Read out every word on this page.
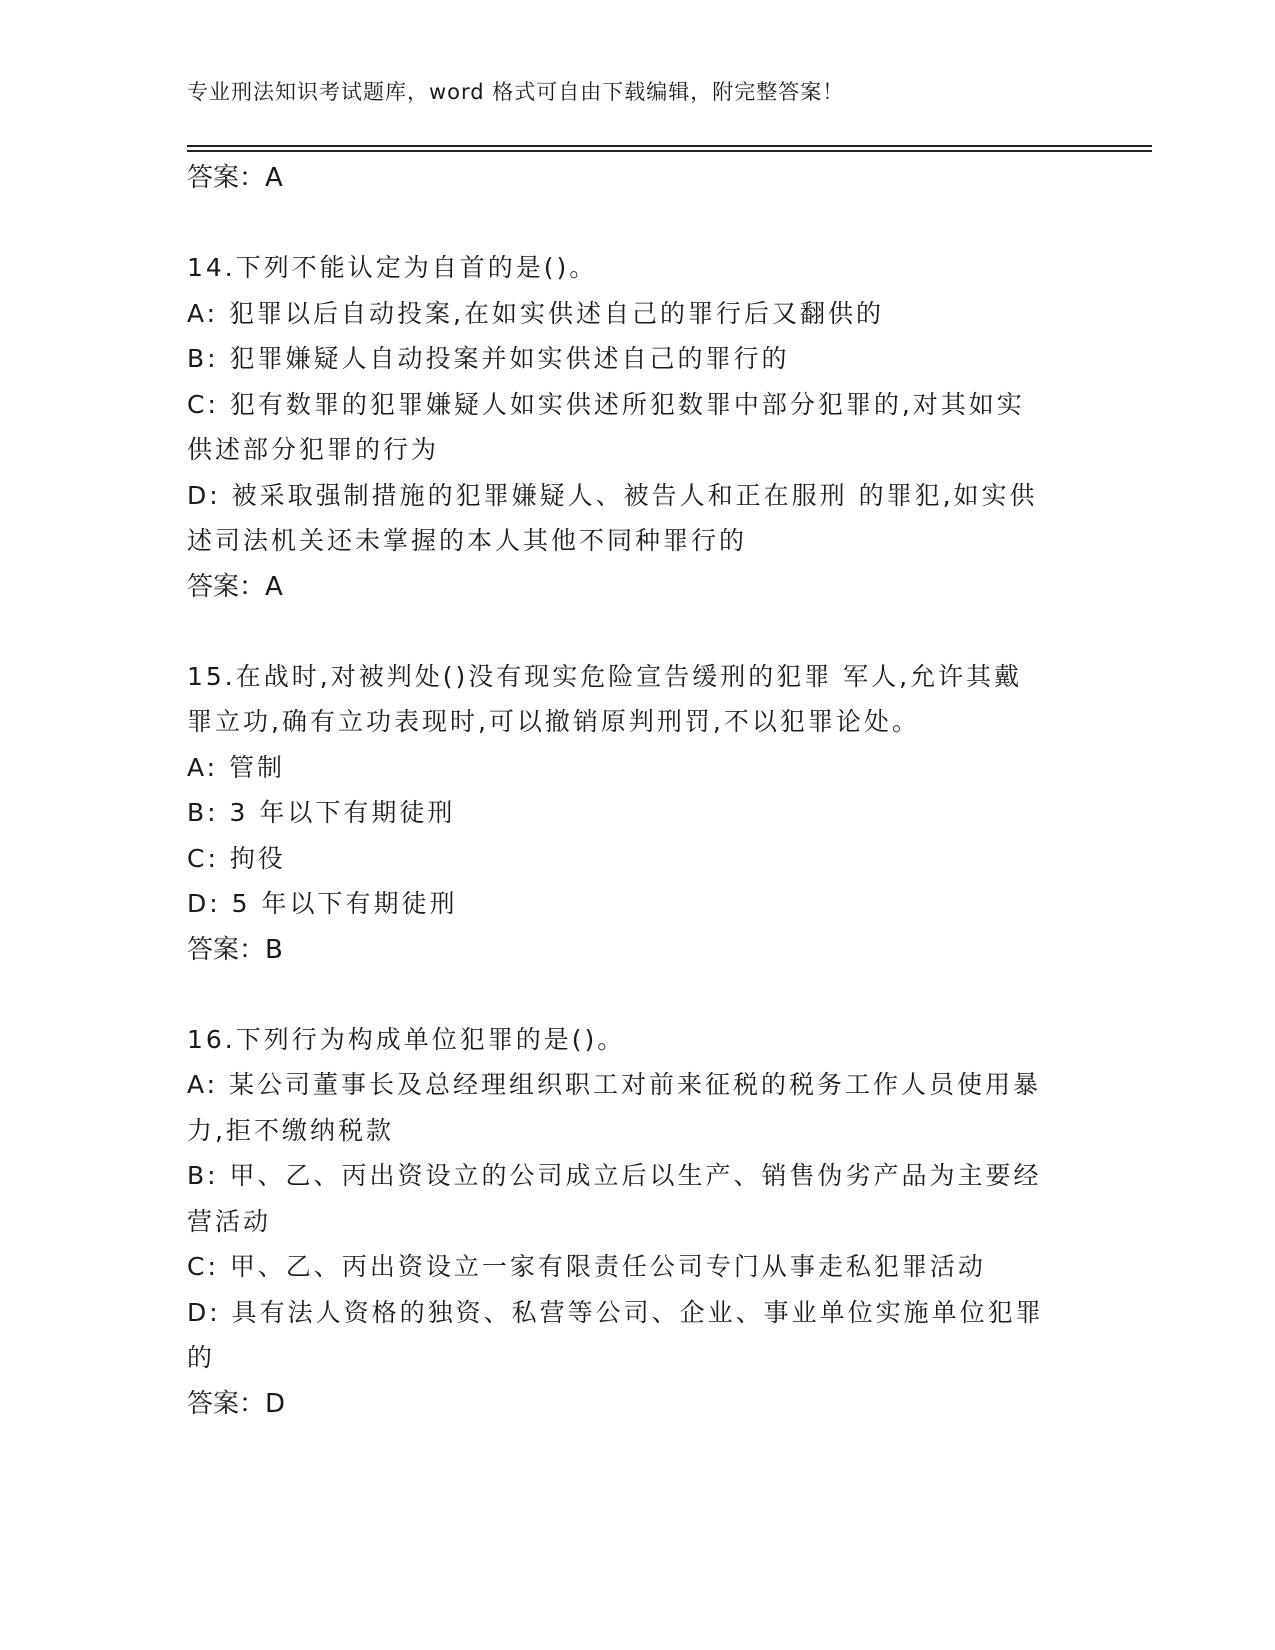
专业刑法知识考试题库，word 格式可自由下载编辑，附完整答案！
答案：A
14.下列不能认定为自首的是()。
A: 犯罪以后自动投案,在如实供述自己的罪行后又翻供的
B: 犯罪嫌疑人自动投案并如实供述自己的罪行的
C: 犯有数罪的犯罪嫌疑人如实供述所犯数罪中部分犯罪的,对其如实
供述部分犯罪的行为
D: 被采取强制措施的犯罪嫌疑人、被告人和正在服刑 的罪犯,如实供
述司法机关还未掌握的本人其他不同种罪行的
答案：A
15.在战时,对被判处()没有现实危险宣告缓刑的犯罪 军人,允许其戴
罪立功,确有立功表现时,可以撤销原判刑罚,不以犯罪论处。
A: 管制
B: 3 年以下有期徒刑
C: 拘役
D: 5 年以下有期徒刑
答案：B
16.下列行为构成单位犯罪的是()。
A: 某公司董事长及总经理组织职工对前来征税的税务工作人员使用暴
力,拒不缴纳税款
B: 甲、乙、丙出资设立的公司成立后以生产、销售伪劣产品为主要经
营活动
C: 甲、乙、丙出资设立一家有限责任公司专门从事走私犯罪活动
D: 具有法人资格的独资、私营等公司、企业、事业单位实施单位犯罪
的
答案：D
